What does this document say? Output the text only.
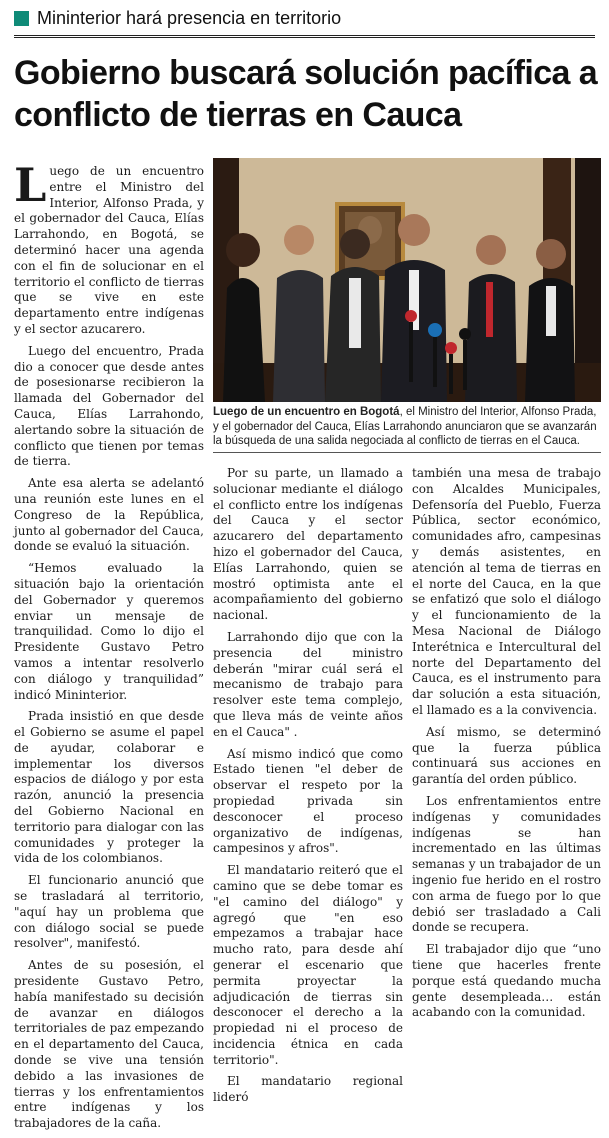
Mininterior hará presencia en territorio
Gobierno buscará solución pacífica a conflicto de tierras en Cauca

Luego de un encuentro entre el Ministro del Interior, Alfonso Prada, y el gobernador del Cauca, Elías Larrahondo, en Bogotá, se determinó hacer una agenda con el fin de solucionar en el territorio el conflicto de tierras que se vive en este departamento entre indígenas y el sector azucarero.

Luego del encuentro, Prada dio a conocer que desde antes de posesionarse recibieron la llamada del Gobernador del Cauca, Elías Larrahondo, alertando sobre la situación de conflicto que tienen por temas de tierra.

Ante esa alerta se adelantó una reunión este lunes en el Congreso de la República, junto al gobernador del Cauca, donde se evaluó la situación.

“Hemos evaluado la situación bajo la orientación del Gobernador y queremos enviar un mensaje de tranquilidad. Como lo dijo el Presidente Gustavo Petro vamos a intentar resolverlo con diálogo y tranquilidad” indicó Mininterior.

Prada insistió en que desde el Gobierno se asume el papel de ayudar, colaborar e implementar los diversos espacios de diálogo y por esta razón, anunció la presencia del Gobierno Nacional en territorio para dialogar con las comunidades y proteger la vida de los colombianos.

El funcionario anunció que se trasladará al territorio, "aquí hay un problema que con diálogo social se puede resolver", manifestó.

Antes de su posesión, el presidente Gustavo Petro, había manifestado su decisión de avanzar en diálogos territoriales de paz empezando en el departamento del Cauca, donde se vive una tensión debido a las invasiones de tierras y los enfrentamientos entre indígenas y los trabajadores de la caña.

Luego de un encuentro en Bogotá, el Ministro del Interior, Alfonso Prada, y el gobernador del Cauca, Elías Larrahondo anunciaron que se avanzarán la búsqueda de una salida negociada al conflicto de tierras en el Cauca.

Por su parte, un llamado a solucionar mediante el diálogo el conflicto entre los indígenas del Cauca y el sector azucarero del departamento hizo el gobernador del Cauca, Elías Larrahondo, quien se mostró optimista ante el acompañamiento del gobierno nacional.

Larrahondo dijo que con la presencia del ministro deberán "mirar cuál será el mecanismo de trabajo para resolver este tema complejo, que lleva más de veinte años en el Cauca" .

Así mismo indicó que como Estado tienen "el deber de observar el respeto por la propiedad privada sin desconocer el proceso organizativo de indígenas, campesinos y afros".

El mandatario reiteró que el camino que se debe tomar es "el camino del diálogo" y agregó que "en eso empezamos a trabajar hace mucho rato, para desde ahí generar el escenario que permita proyectar la adjudicación de tierras sin desconocer el derecho a la propiedad ni el proceso de incidencia étnica en cada territorio".

El mandatario regional lideró

también una mesa de trabajo con Alcaldes Municipales, Defensoría del Pueblo, Fuerza Pública, sector económico, comunidades afro, campesinas y demás asistentes, en atención al tema de tierras en el norte del Cauca, en la que se enfatizó que solo el diálogo y el funcionamiento de la Mesa Nacional de Diálogo Interétnica e Intercultural del norte del Departamento del Cauca, es el instrumento para dar solución a esta situación, el llamado es a la convivencia.

Así mismo, se determinó que la fuerza pública continuará sus acciones en garantía del orden público.

Los enfrentamientos entre indígenas y comunidades indígenas se han incrementado en las últimas semanas y un trabajador de un ingenio fue herido en el rostro con arma de fuego por lo que debió ser trasladado a Cali donde se recupera.

El trabajador dijo que “uno tiene que hacerles frente porque está quedando mucha gente desempleada… están acabando con la comunidad.
